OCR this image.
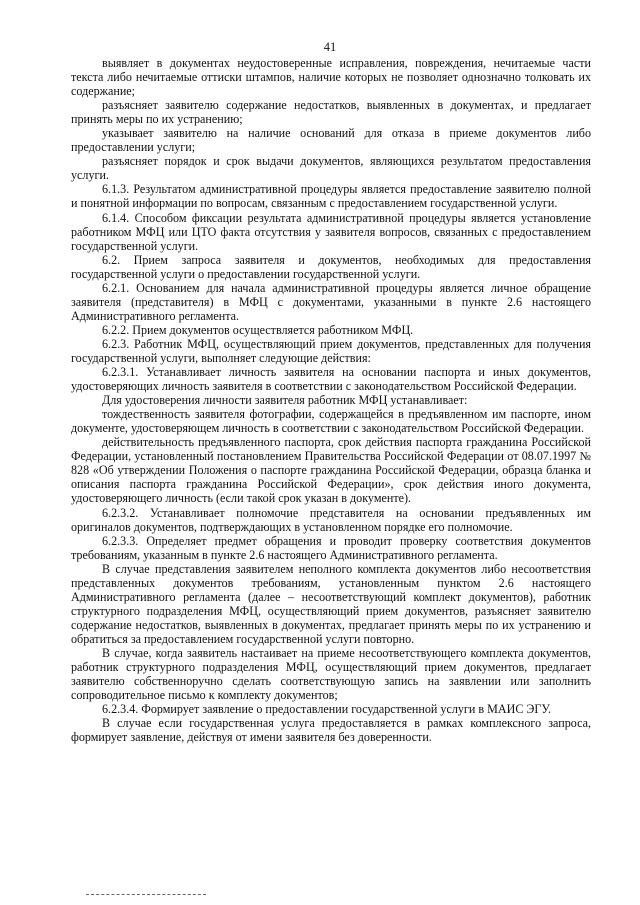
41

выявляет в документах неудостоверенные исправления, повреждения, нечитаемые части текста либо нечитаемые оттиски штампов, наличие которых не позволяет однозначно толковать их содержание;

разъясняет заявителю содержание недостатков, выявленных в документах, и предлагает принять меры по их устранению;

указывает заявителю на наличие оснований для отказа в приеме документов либо предоставлении услуги;

разъясняет порядок и срок выдачи документов, являющихся результатом предоставления услуги.

6.1.3. Результатом административной процедуры является предоставление заявителю полной и понятной информации по вопросам, связанным с предоставлением государственной услуги.

6.1.4. Способом фиксации результата административной процедуры является установление работником МФЦ или ЦТО факта отсутствия у заявителя вопросов, связанных с предоставлением государственной услуги.

6.2. Прием запроса заявителя и документов, необходимых для предоставления государственной услуги о предоставлении государственной услуги.

6.2.1. Основанием для начала административной процедуры является личное обращение заявителя (представителя) в МФЦ с документами, указанными в пункте 2.6 настоящего Административного регламента.

6.2.2. Прием документов осуществляется работником МФЦ.

6.2.3. Работник МФЦ, осуществляющий прием документов, представленных для получения государственной услуги, выполняет следующие действия:

6.2.3.1. Устанавливает личность заявителя на основании паспорта и иных документов, удостоверяющих личность заявителя в соответствии с законодательством Российской Федерации.

Для удостоверения личности заявителя работник МФЦ устанавливает:

тождественность заявителя фотографии, содержащейся в предъявленном им паспорте, ином документе, удостоверяющем личность в соответствии с законодательством Российской Федерации.

действительность предъявленного паспорта, срок действия паспорта гражданина Российской Федерации, установленный постановлением Правительства Российской Федерации от 08.07.1997 № 828 «Об утверждении Положения о паспорте гражданина Российской Федерации, образца бланка и описания паспорта гражданина Российской Федерации», срок действия иного документа, удостоверяющего личность (если такой срок указан в документе).

6.2.3.2. Устанавливает полномочие представителя на основании предъявленных им оригиналов документов, подтверждающих в установленном порядке его полномочие.

6.2.3.3. Определяет предмет обращения и проводит проверку соответствия документов требованиям, указанным в пункте 2.6 настоящего Административного регламента.

В случае представления заявителем неполного комплекта документов либо несоответствия представленных документов требованиям, установленным пунктом 2.6 настоящего Административного регламента (далее – несоответствующий комплект документов), работник структурного подразделения МФЦ, осуществляющий прием документов, разъясняет заявителю содержание недостатков, выявленных в документах, предлагает принять меры по их устранению и обратиться за предоставлением государственной услуги повторно.

В случае, когда заявитель настаивает на приеме несоответствующего комплекта документов, работник структурного подразделения МФЦ, осуществляющий прием документов, предлагает заявителю собственноручно сделать соответствующую запись на заявлении или заполнить сопроводительное письмо к комплекту документов;

6.2.3.4. Формирует заявление о предоставлении государственной услуги в МАИС ЭГУ.

В случае если государственная услуга предоставляется в рамках комплексного запроса, формирует заявление, действуя от имени заявителя без доверенности.
